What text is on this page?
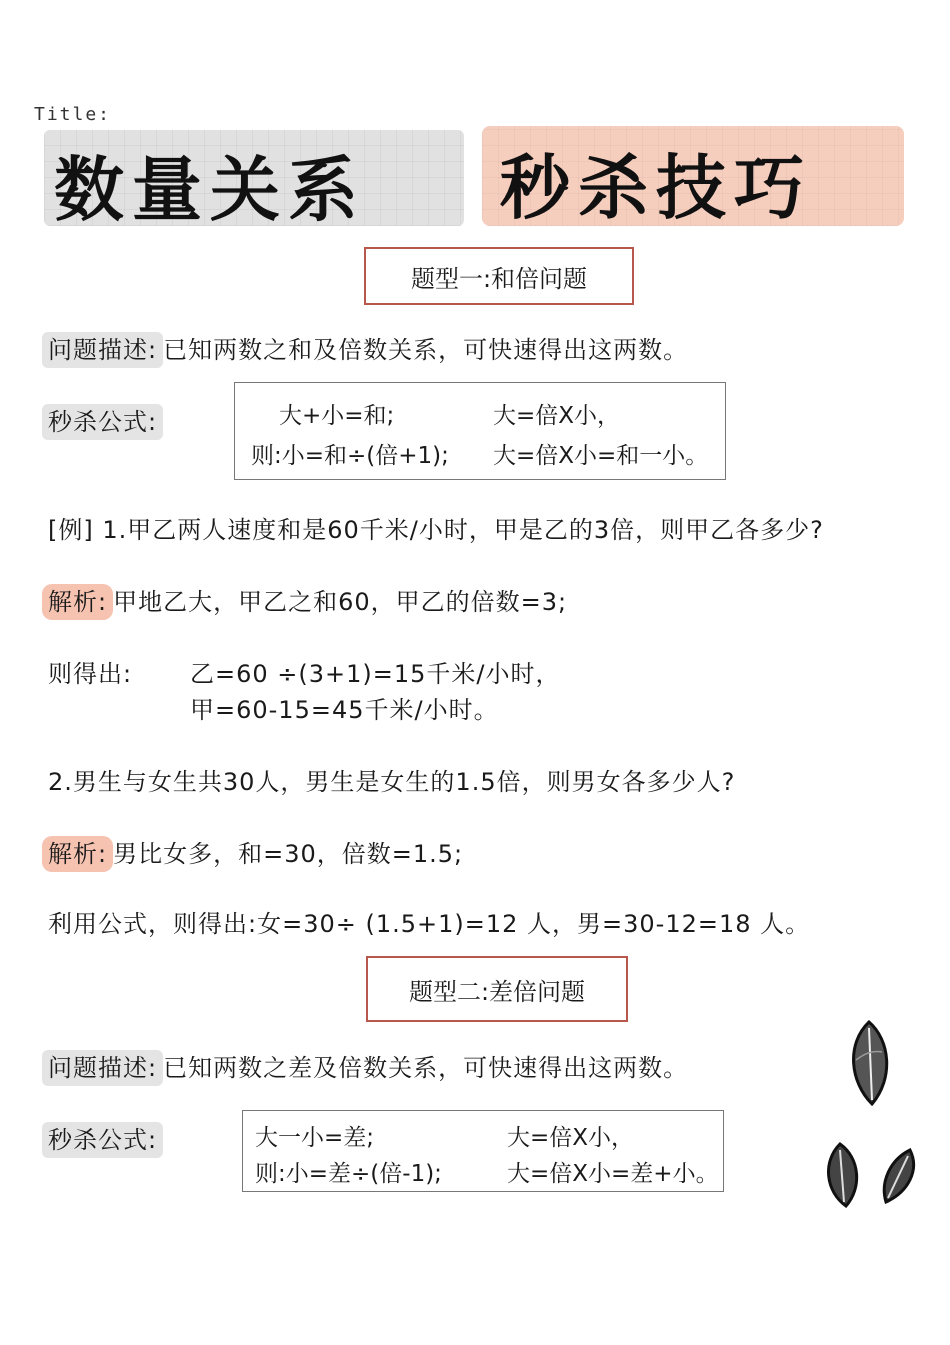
Title:
数量关系 秒杀技巧
题型一:和倍问题
问题描述: 已知两数之和及倍数关系，可快速得出这两数。
秒杀公式:	大+小=和;	大=倍X小，
则:小=和÷(倍+1); 大=倍X小=和一小。
[例] 1.甲乙两人速度和是60千米/小时，甲是乙的3倍，则甲乙各多少?
解析: 甲地乙大，甲乙之和60，甲乙的倍数=3;
则得出: 乙=60 ÷(3+1)=15千米/小时，
甲=60-15=45千米/小时。
2.男生与女生共30人，男生是女生的1.5倍，则男女各多少人?
解析: 男比女多，和=30，倍数=1.5;
利用公式，则得出:女=30÷ (1.5+1)=12 人，男=30-12=18 人。
题型二:差倍问题
问题描述: 已知两数之差及倍数关系，可快速得出这两数。
秒杀公式:	大一小=差;	大=倍X小，
则:小=差÷(倍-1);	大=倍X小=差+小。
